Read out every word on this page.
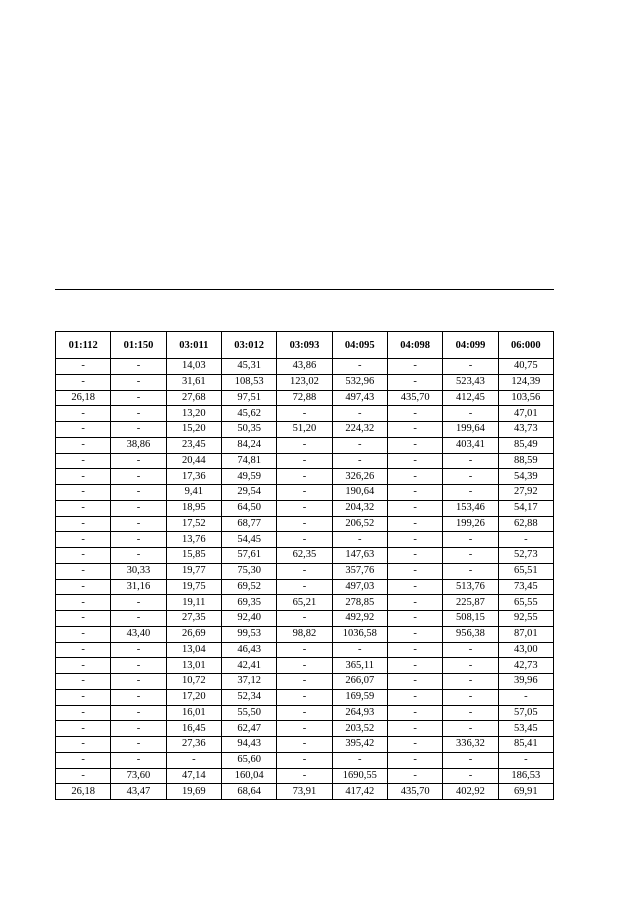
01:112	01:150	03:011	03:012	03:093	04:095	04:098	04:099	06:000
-	-	14,03	45,31	43,86	-	-	-	40,75
-	-	31,61	108,53	123,02	532,96	-	523,43	124,39
26,18	-	27,68	97,51	72,88	497,43	435,70	412,45	103,56
-	-	13,20	45,62	-	-	-	-	47,01
-	-	15,20	50,35	51,20	224,32	-	199,64	43,73
-	38,86	23,45	84,24	-	-	-	403,41	85,49
-	-	20,44	74,81	-	-	-	-	88,59
-	-	17,36	49,59	-	326,26	-	-	54,39
-	-	9,41	29,54	-	190,64	-	-	27,92
-	-	18,95	64,50	-	204,32	-	153,46	54,17
-	-	17,52	68,77	-	206,52	-	199,26	62,88
-	-	13,76	54,45	-	-	-	-	-
-	-	15,85	57,61	62,35	147,63	-	-	52,73
-	30,33	19,77	75,30	-	357,76	-	-	65,51
-	31,16	19,75	69,52	-	497,03	-	513,76	73,45
-	-	19,11	69,35	65,21	278,85	-	225,87	65,55
-	-	27,35	92,40	-	492,92	-	508,15	92,55
-	43,40	26,69	99,53	98,82	1036,58	-	956,38	87,01
-	-	13,04	46,43	-	-	-	-	43,00
-	-	13,01	42,41	-	365,11	-	-	42,73
-	-	10,72	37,12	-	266,07	-	-	39,96
-	-	17,20	52,34	-	169,59	-	-	-
-	-	16,01	55,50	-	264,93	-	-	57,05
-	-	16,45	62,47	-	203,52	-	-	53,45
-	-	27,36	94,43	-	395,42	-	336,32	85,41
-	-	-	65,60	-	-	-	-	-
-	73,60	47,14	160,04	-	1690,55	-	-	186,53
26,18	43,47	19,69	68,64	73,91	417,42	435,70	402,92	69,91
